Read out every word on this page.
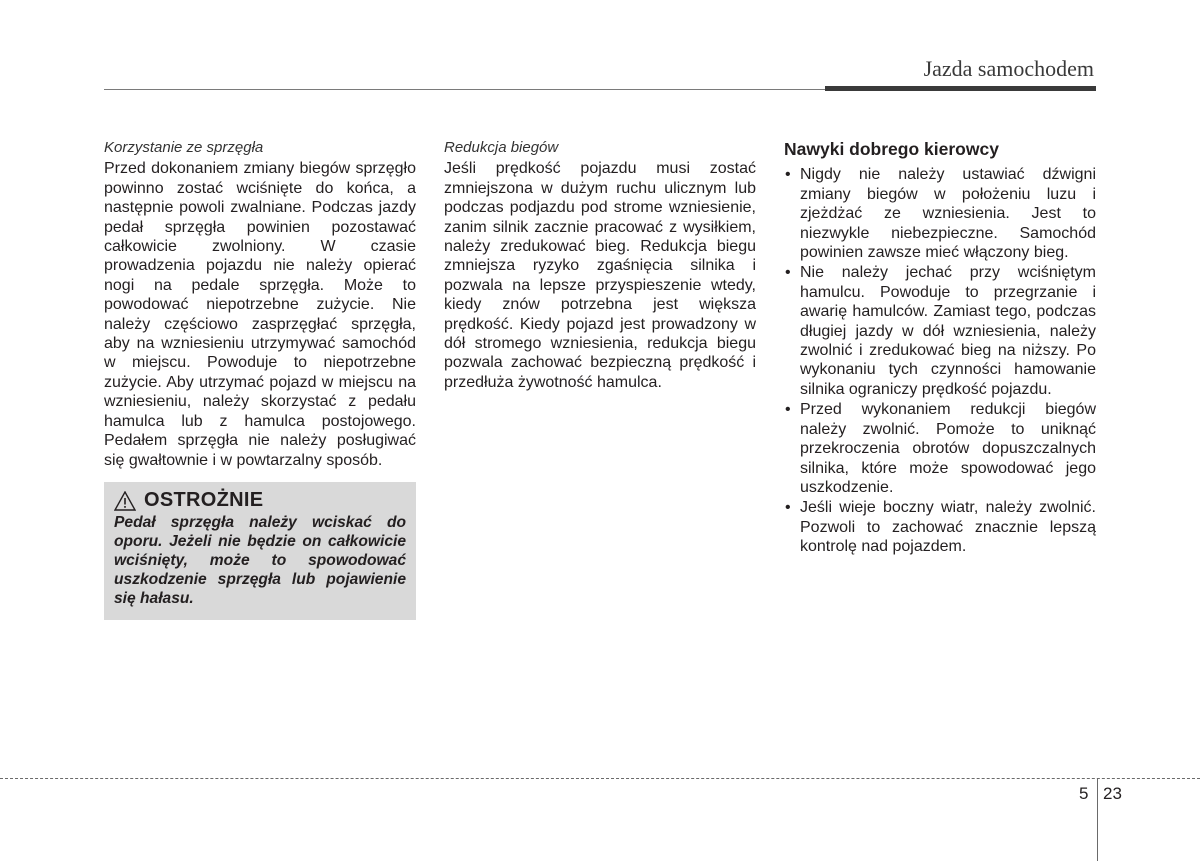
Jazda samochodem

Korzystanie ze sprzęgła

Przed dokonaniem zmiany biegów sprzęgło powinno zostać wciśnięte do końca, a następnie powoli zwalniane. Podczas jazdy pedał sprzęgła powinien pozostawać całkowicie zwolniony. W czasie prowadzenia pojazdu nie należy opierać nogi na pedale sprzęgła. Może to powodować niepotrzebne zużycie. Nie należy częściowo zasprzęgłać sprzęgła, aby na wzniesieniu utrzymywać samochód w miejscu. Powoduje to niepotrzebne zużycie. Aby utrzymać pojazd w miejscu na wzniesieniu, należy skorzystać z pedału hamulca lub z hamulca postojowego. Pedałem sprzęgła nie należy posługiwać się gwałtownie i w powtarzalny sposób.

OSTROŻNIE

Pedał sprzęgła należy wciskać do oporu. Jeżeli nie będzie on całkowicie wciśnięty, może to spowodować uszkodzenie sprzęgła lub pojawienie się hałasu.

Redukcja biegów

Jeśli prędkość pojazdu musi zostać zmniejszona w dużym ruchu ulicznym lub podczas podjazdu pod strome wzniesienie, zanim silnik zacznie pracować z wysiłkiem, należy zredukować bieg. Redukcja biegu zmniejsza ryzyko zgaśnięcia silnika i pozwala na lepsze przyspieszenie wtedy, kiedy znów potrzebna jest większa prędkość. Kiedy pojazd jest prowadzony w dół stromego wzniesienia, redukcja biegu pozwala zachować bezpieczną prędkość i przedłuża żywotność hamulca.

Nawyki dobrego kierowcy

• Nigdy nie należy ustawiać dźwigni zmiany biegów w położeniu luzu i zjeżdżać ze wzniesienia. Jest to niezwykle niebezpieczne. Samochód powinien zawsze mieć włączony bieg.
• Nie należy jechać przy wciśniętym hamulcu. Powoduje to przegrzanie i awarię hamulców. Zamiast tego, podczas długiej jazdy w dół wzniesienia, należy zwolnić i zredukować bieg na niższy. Po wykonaniu tych czynności hamowanie silnika ograniczy prędkość pojazdu.
• Przed wykonaniem redukcji biegów należy zwolnić. Pomoże to uniknąć przekroczenia obrotów dopuszczalnych silnika, które może spowodować jego uszkodzenie.
• Jeśli wieje boczny wiatr, należy zwolnić. Pozwoli to zachować znacznie lepszą kontrolę nad pojazdem.
5 23
